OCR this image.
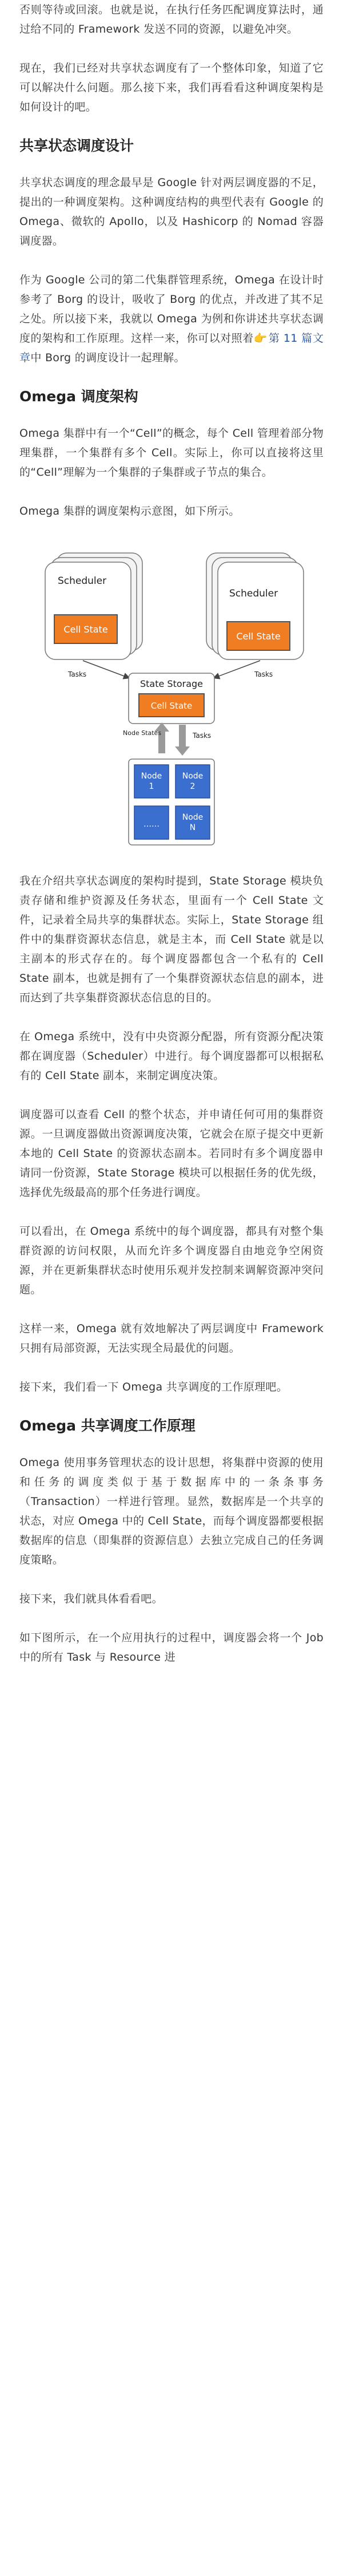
否则等待或回滚。也就是说，在执行任务匹配调度算法时，通过给不同的 Framework 发送不同的资源，以避免冲突。

现在，我们已经对共享状态调度有了一个整体印象，知道了它可以解决什么问题。那么接下来，我们再看看这种调度架构是如何设计的吧。

共享状态调度设计

共享状态调度的理念最早是 Google 针对两层调度器的不足，提出的一种调度架构。这种调度结构的典型代表有 Google 的 Omega、微软的 Apollo，以及 Hashicorp 的 Nomad 容器调度器。

作为 Google 公司的第二代集群管理系统，Omega 在设计时参考了 Borg 的设计，吸收了 Borg 的优点，并改进了其不足之处。所以接下来，我就以 Omega 为例和你讲述共享状态调度的架构和工作原理。这样一来，你可以对照着👉 第 11 篇文章中 Borg 的调度设计一起理解。

Omega 调度架构

Omega 集群中有一个“Cell”的概念，每个 Cell 管理着部分物理集群，一个集群有多个 Cell。实际上，你可以直接将这里的“Cell”理解为一个集群的子集群或子节点的集合。

Omega 集群的调度架构示意图，如下所示。

Scheduler
Cell State
Scheduler
Cell State
Tasks	Tasks
State Storage
Cell State
Node States	Tasks
Node 1
Node 2
……
Node N

我在介绍共享状态调度的架构时提到，State Storage 模块负责存储和维护资源及任务状态，里面有一个 Cell State 文件，记录着全局共享的集群状态。实际上，State Storage 组件中的集群资源状态信息，就是主本，而 Cell State 就是以主副本的形式存在的。每个调度器都包含一个私有的 Cell State 副本，也就是拥有了一个集群资源状态信息的副本，进而达到了共享集群资源状态信息的目的。

在 Omega 系统中，没有中央资源分配器，所有资源分配决策都在调度器（Scheduler）中进行。每个调度器都可以根据私有的 Cell State 副本，来制定调度决策。

调度器可以查看 Cell 的整个状态，并申请任何可用的集群资源。一旦调度器做出资源调度决策，它就会在原子提交中更新本地的 Cell State 的资源状态副本。若同时有多个调度器申请同一份资源，State Storage 模块可以根据任务的优先级，选择优先级最高的那个任务进行调度。

可以看出，在 Omega 系统中的每个调度器，都具有对整个集群资源的访问权限，从而允许多个调度器自由地竞争空闲资源，并在更新集群状态时使用乐观并发控制来调解资源冲突问题。

这样一来，Omega 就有效地解决了两层调度中 Framework 只拥有局部资源，无法实现全局最优的问题。

接下来，我们看一下 Omega 共享调度的工作原理吧。

Omega 共享调度工作原理

Omega 使用事务管理状态的设计思想，将集群中资源的使用和任务的调度类似于基于数据库中的一条条事务（Transaction）一样进行管理。显然，数据库是一个共享的状态，对应 Omega 中的 Cell State，而每个调度器都要根据数据库的信息（即集群的资源信息）去独立完成自己的任务调度策略。

接下来，我们就具体看看吧。

如下图所示，在一个应用执行的过程中，调度器会将一个 Job 中的所有 Task 与 Resource 进
